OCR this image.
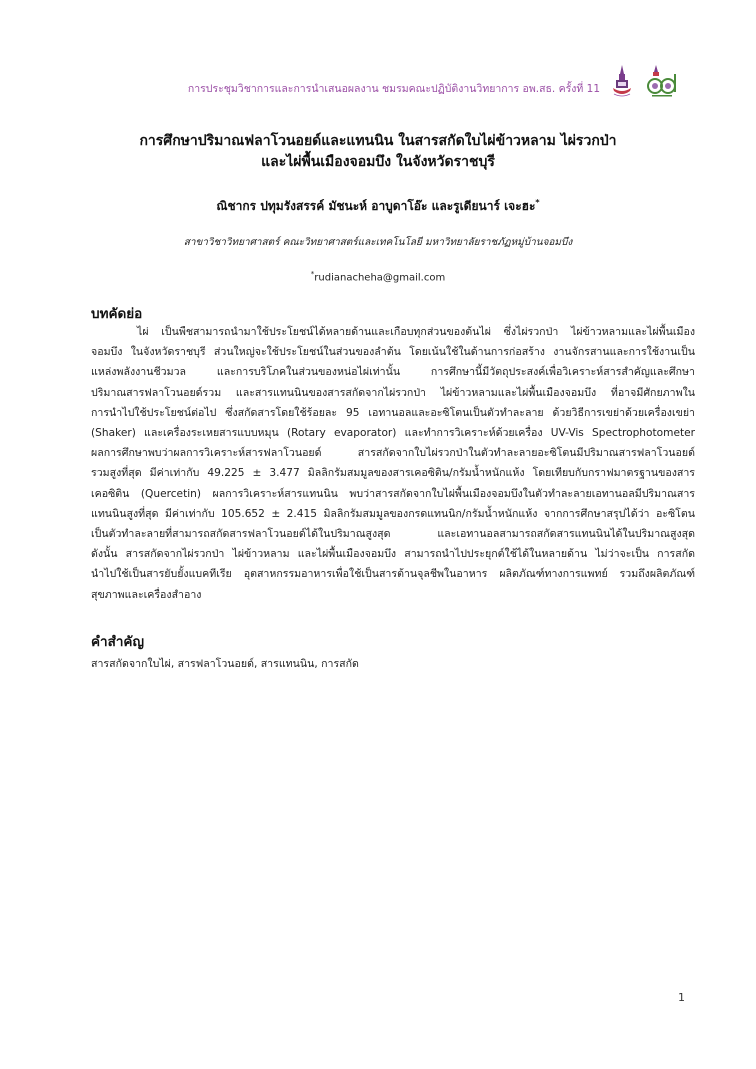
การประชุมวิชาการและการนำเสนอผลงาน ชมรมคณะปฏิบัติงานวิทยาการ อพ.สธ. ครั้งที่ 11
การศึกษาปริมาณฟลาโวนอยด์และแทนนิน ในสารสกัดใบไผ่ข้าวหลาม ไผ่รวกป่า
และไผ่พื้นเมืองจอมบึง ในจังหวัดราชบุรี
ณิชากร ปทุมรังสรรค์ มัชนะห์ อาบูดาโอ๊ะ และรูเดียนาร์ เจะฮะ*
สาขาวิชาวิทยาศาสตร์ คณะวิทยาศาสตร์และเทคโนโลยี มหาวิทยาลัยราชภัฏหมู่บ้านจอมบึง
*rudianacheha@gmail.com
บทคัดย่อ
ไผ่ เป็นพืชสามารถนำมาใช้ประโยชน์ได้หลายด้านและเกือบทุกส่วนของต้นไผ่ ซึ่งไผ่รวกป่า ไผ่ข้าวหลามและไผ่พื้นเมือง
จอมบึง ในจังหวัดราชบุรี ส่วนใหญ่จะใช้ประโยชน์ในส่วนของลำต้น โดยเน้นใช้ในด้านการก่อสร้าง งานจักรสานและการใช้งานเป็น
แหล่งพลังงานชีวมวล และการบริโภคในส่วนของหน่อไผ่เท่านั้น การศึกษานี้มีวัตถุประสงค์เพื่อวิเคราะห์สารสำคัญและศึกษา
ปริมาณสารฟลาโวนอยด์รวม และสารแทนนินของสารสกัดจากไผ่รวกป่า ไผ่ข้าวหลามและไผ่พื้นเมืองจอมบึง ที่อาจมีศักยภาพใน
การนำไปใช้ประโยชน์ต่อไป ซึ่งสกัดสารโดยใช้ร้อยละ 95 เอทานอลและอะซิโตนเป็นตัวทำละลาย ด้วยวิธีการเขย่าด้วยเครื่องเขย่า
(Shaker) และเครื่องระเหยสารแบบหมุน (Rotary evaporator) และทำการวิเคราะห์ด้วยเครื่อง UV-Vis Spectrophotometer
ผลการศึกษาพบว่าผลการวิเคราะห์สารฟลาโวนอยด์ สารสกัดจากใบไผ่รวกป่าในตัวทำละลายอะซิโตนมีปริมาณสารฟลาโวนอยด์
รวมสูงที่สุด มีค่าเท่ากับ 49.225 ± 3.477 มิลลิกรัมสมมูลของสารเคอซิติน/กรัมน้ำหนักแห้ง โดยเทียบกับกราฟมาตรฐานของสาร
เคอซิติน (Quercetin) ผลการวิเคราะห์สารแทนนิน พบว่าสารสกัดจากใบไผ่พื้นเมืองจอมบึงในตัวทำละลายเอทานอลมีปริมาณสาร
แทนนินสูงที่สุด มีค่าเท่ากับ 105.652 ± 2.415 มิลลิกรัมสมมูลของกรดแทนนิก/กรัมน้ำหนักแห้ง จากการศึกษาสรุปได้ว่า อะซิโตน
เป็นตัวทำละลายที่สามารถสกัดสารฟลาโวนอยด์ได้ในปริมาณสูงสุด และเอทานอลสามารถสกัดสารแทนนินได้ในปริมาณสูงสุด
ดังนั้น สารสกัดจากไผ่รวกป่า ไผ่ข้าวหลาม และไผ่พื้นเมืองจอมบึง สามารถนำไปประยุกต์ใช้ได้ในหลายด้าน ไม่ว่าจะเป็น การสกัด
นำไปใช้เป็นสารยับยั้งแบคทีเรีย อุตสาหกรรมอาหารเพื่อใช้เป็นสารต้านจุลชีพในอาหาร ผลิตภัณฑ์ทางการแพทย์ รวมถึงผลิตภัณฑ์
สุขภาพและเครื่องสำอาง
คำสำคัญ
สารสกัดจากใบไผ่, สารฟลาโวนอยด์, สารแทนนิน, การสกัด
1
